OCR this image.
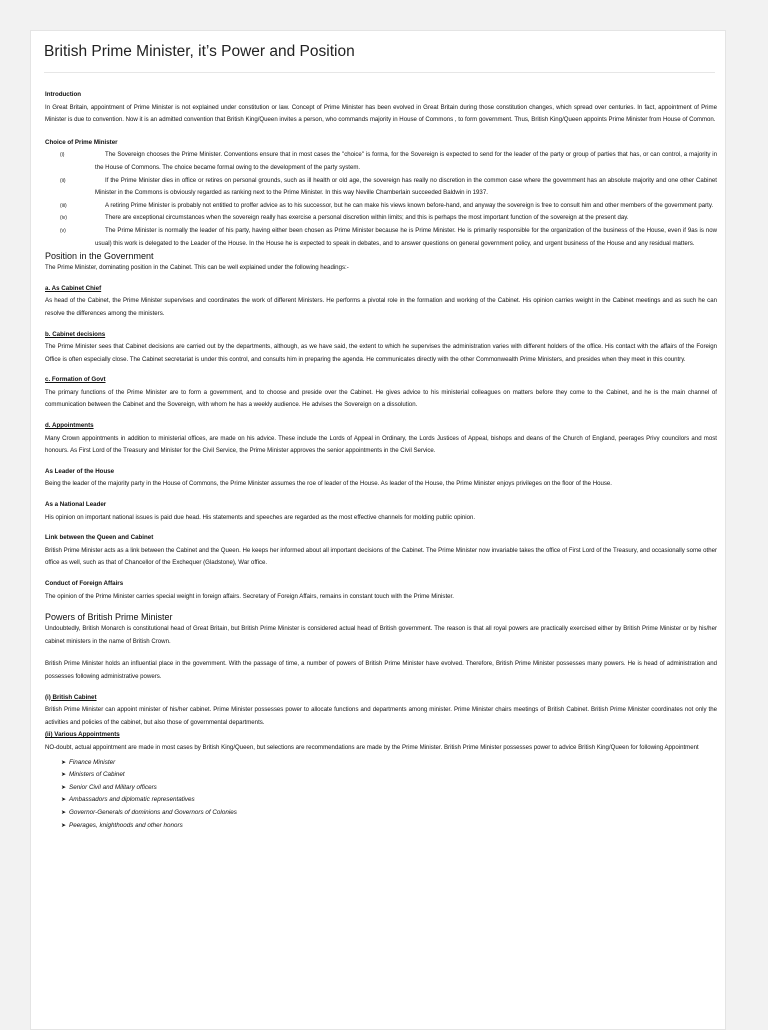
British Prime Minister, it’s Power and Position

Introduction

In Great Britain, appointment of Prime Minister is not explained under constitution or law. Concept of Prime Minister has been evolved in Great Britain during those constitution changes, which spread over centuries. In fact, appointment of Prime Minister is due to convention. Now it is an admitted convention that British King/Queen invites a person, who commands majority in House of Commons , to form government. Thus, British King/Queen appoints Prime Minister from House of Common.

Choice of Prime Minister

(i)	The Sovereign chooses the Prime Minister. Conventions ensure that in most cases the "choice" is forma, for the Sovereign is expected to send for the leader of the party or group of parties that has, or can control, a majority in the House of Commons. The choice became formal owing to the development of the party system.

(ii)	If the Prime Minister dies in office or retires on personal grounds, such as ill health or old age, the sovereign has really no discretion in the common case where the government has an absolute majority and one other Cabinet Minister in the Commons is obviously regarded as ranking next to the Prime Minister. In this way Neville Chamberlain succeeded Baldwin in 1937.

(iii)	A retiring Prime Minister is probably not entitled to proffer advice as to his successor, but he can make his views known before-hand, and anyway the sovereign is free to consult him and other members of the government party.

(iv)	There are exceptional circumstances when the sovereign really has exercise a personal discretion within limits; and this is perhaps the most important function of the sovereign at the present day.

(v)	The Prime Minister is normally the leader of his party, having either been chosen as Prime Minister because he is Prime Minister. He is primarily responsible for the organization of the business of the House, even if 9as is now usual) this work is delegated to the Leader of the House. In the House he is expected to speak in debates, and to answer questions on general government policy, and urgent business of the House and any residual matters.

Position in the Government

The Prime Minister, dominating position in the Cabinet. This can be well explained under the following headings:-

a. As Cabinet Chief

As head of the Cabinet, the Prime Minister supervises and coordinates the work of different Ministers. He performs a pivotal role in the formation and working of the Cabinet. His opinion carries weight in the Cabinet meetings and as such he can resolve the differences among the ministers.

b. Cabinet decisions

The Prime Minister sees that Cabinet decisions are carried out by the departments, although, as we have said, the extent to which he supervises the administration varies with different holders of the office. His contact with the affairs of the Foreign Office is often especially close. The Cabinet secretariat is under this control, and consults him in preparing the agenda. He communicates directly with the other Commonwealth Prime Ministers, and presides when they meet in this country.

c. Formation of Govt

The primary functions of the Prime Minister are to form a government, and to choose and preside over the Cabinet. He gives advice to his ministerial colleagues on matters before they come to the Cabinet, and he is the main channel of communication between the Cabinet and the Sovereign, with whom he has a weekly audience. He advises the Sovereign on a dissolution.

d. Appointments

Many Crown appointments in addition to ministerial offices, are made on his advice. These include the Lords of Appeal in Ordinary, the Lords Justices of Appeal, bishops and deans of the Church of England, peerages Privy councilors and most honours. As First Lord of the Treasury and Minister for the Civil Service, the Prime Minister approves the senior appointments in the Civil Service.

As Leader of the House

Being the leader of the majority party in the House of Commons, the Prime Minister assumes the roe of leader of the House. As leader of the House, the Prime Minister enjoys privileges on the floor of the House.

As a National Leader

His opinion on important national issues is paid due head. His statements and speeches are regarded as the most effective channels for molding public opinion.

Link between the Queen and Cabinet

British Prime Minister acts as a link between the Cabinet and the Queen. He keeps her informed about all important decisions of the Cabinet. The Prime Minister now invariable takes the office of First Lord of the Treasury, and occasionally some other office as well, such as that of Chancellor of the Exchequer (Gladstone), War office.

Conduct of Foreign Affairs

The opinion of the Prime Minister carries special weight in foreign affairs. Secretary of Foreign Affairs, remains in constant touch with the Prime Minister.

Powers of British Prime Minister

Undoubtedly, British Monarch is constitutional head of Great Britain, but British Prime Minister is considered actual head of British government. The reason is that all royal powers are practically exercised either by British Prime Minister or by his/her cabinet ministers in the name of British Crown.

British Prime Minister holds an influential place in the government. With the passage of time, a number of powers of British Prime Minister have evolved. Therefore, British Prime Minister possesses many powers. He is head of administration and possesses following administrative powers.

(i) British Cabinet

British Prime Minister can appoint minister of his/her cabinet. Prime Minister possesses power to allocate functions and departments among minister. Prime Minister chairs meetings of British Cabinet. British Prime Minister coordinates not only the activities and policies of the cabinet, but also those of governmental departments.

(ii) Various Appointments

NO-doubt, actual appointment are made in most cases by British King/Queen, but selections are recommendations are made by the Prime Minister. British Prime Minister possesses power to advice British King/Queen for following Appointment

➤ Finance Minister
➤ Ministers of Cabinet
➤ Senior Civil and Military officers
➤ Ambassadors and diplomatic representatives
➤ Governor-Generals of dominions and Governors of Colonies
➤ Peerages, knighthoods and other honors
